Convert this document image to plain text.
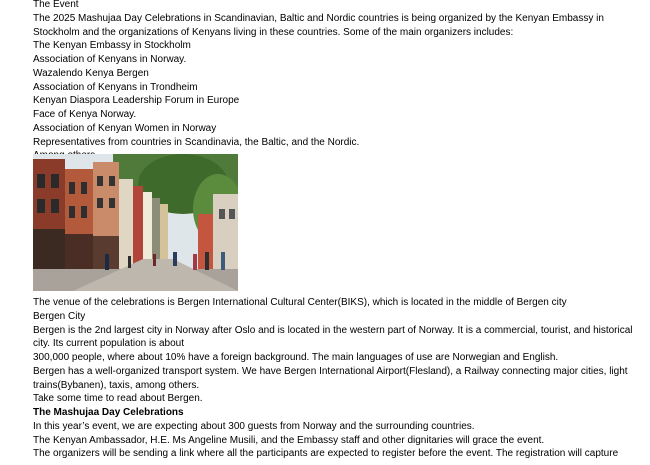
The Event
The 2025 Mashujaa Day Celebrations in Scandinavian, Baltic and Nordic countries is being organized by the Kenyan Embassy in Stockholm and the organizations of Kenyans living in these countries. Some of the main organizers includes:
The Kenyan Embassy in Stockholm
Association of Kenyans in Norway.
Wazalendo Kenya Bergen
Association of Kenyans in Trondheim
Kenyan Diaspora Leadership Forum in Europe
Face of Kenya Norway.
Association of Kenyan Women in Norway
Representatives from countries in Scandinavia, the Baltic, and the Nordic.
The venue of the celebrations is Bergen International Cultural Center(BIKS), which is located in the middle of Bergen city
Bergen City
Bergen is the 2nd largest city in Norway after Oslo and is located in the western part of Norway. It is a commercial, tourist, and historical city. Its current population is about
300,000 people, where about 10% have a foreign background. The main languages of use are Norwegian and English.
Bergen has a well-organized transport system. We have Bergen International Airport(Flesland), a Railway connecting major cities, light trains(Bybanen), taxis, among others.
Take some time to read about Bergen.
The Mashujaa Day Celebrations
In this year’s event, we are expecting about 300 guests from Norway and the surrounding countries.
The Kenyan Ambassador, H.E. Ms Angeline Musili, and the Embassy staff and other dignitaries will grace the event.
The organizers will be sending a link where all the participants are expected to register before the event. The registration will capture
